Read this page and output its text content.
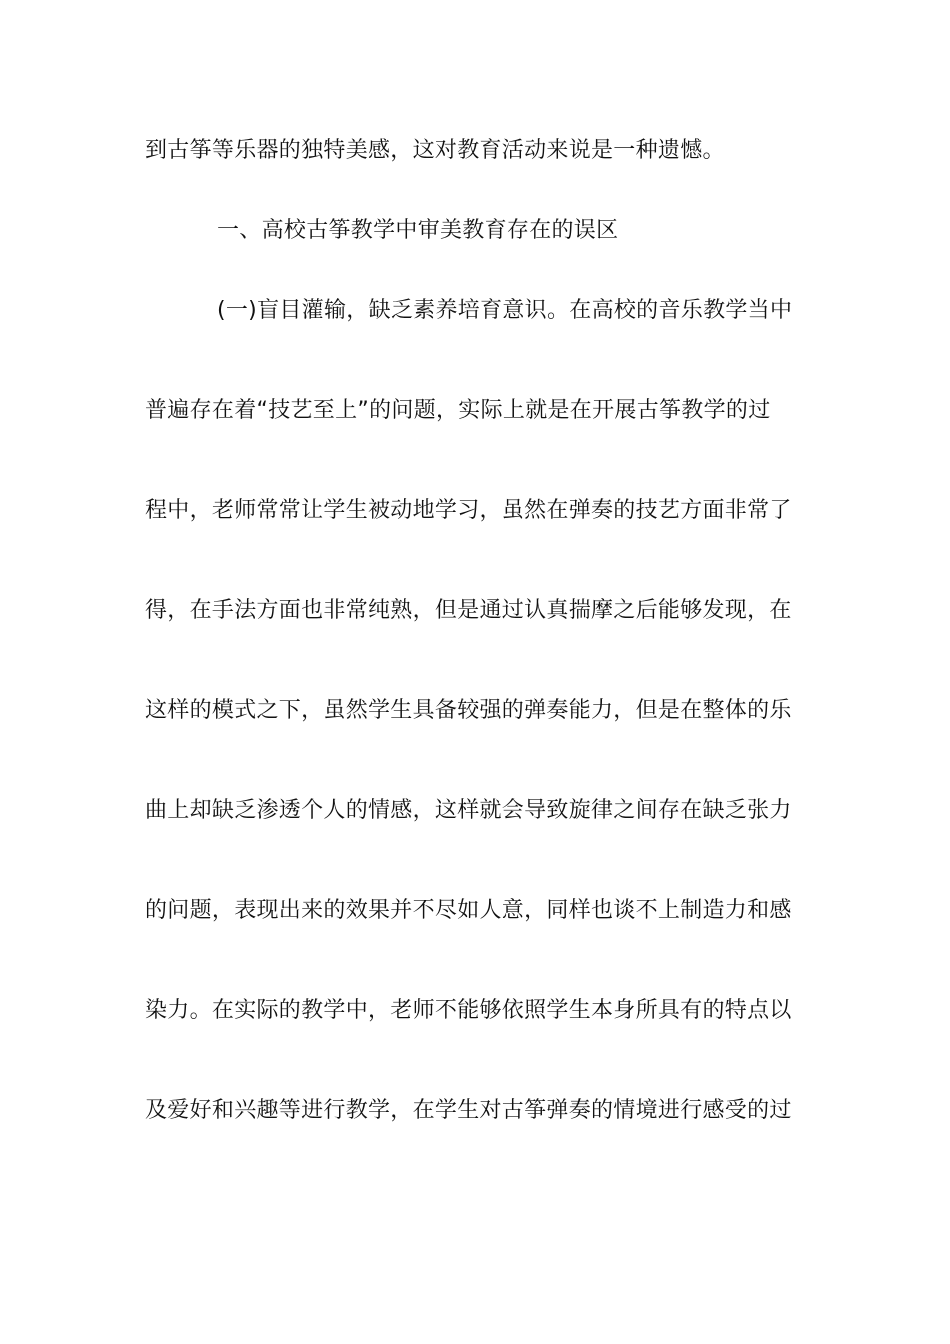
到古筝等乐器的独特美感，这对教育活动来说是一种遗憾。
一、高校古筝教学中审美教育存在的误区
(一)盲目灌输，缺乏素养培育意识。在高校的音乐教学当中
普遍存在着“技艺至上”的问题，实际上就是在开展古筝教学的过
程中，老师常常让学生被动地学习，虽然在弹奏的技艺方面非常了
得，在手法方面也非常纯熟，但是通过认真揣摩之后能够发现，在
这样的模式之下，虽然学生具备较强的弹奏能力，但是在整体的乐
曲上却缺乏渗透个人的情感，这样就会导致旋律之间存在缺乏张力
的问题，表现出来的效果并不尽如人意，同样也谈不上制造力和感
染力。在实际的教学中，老师不能够依照学生本身所具有的特点以
及爱好和兴趣等进行教学，在学生对古筝弹奏的情境进行感受的过
